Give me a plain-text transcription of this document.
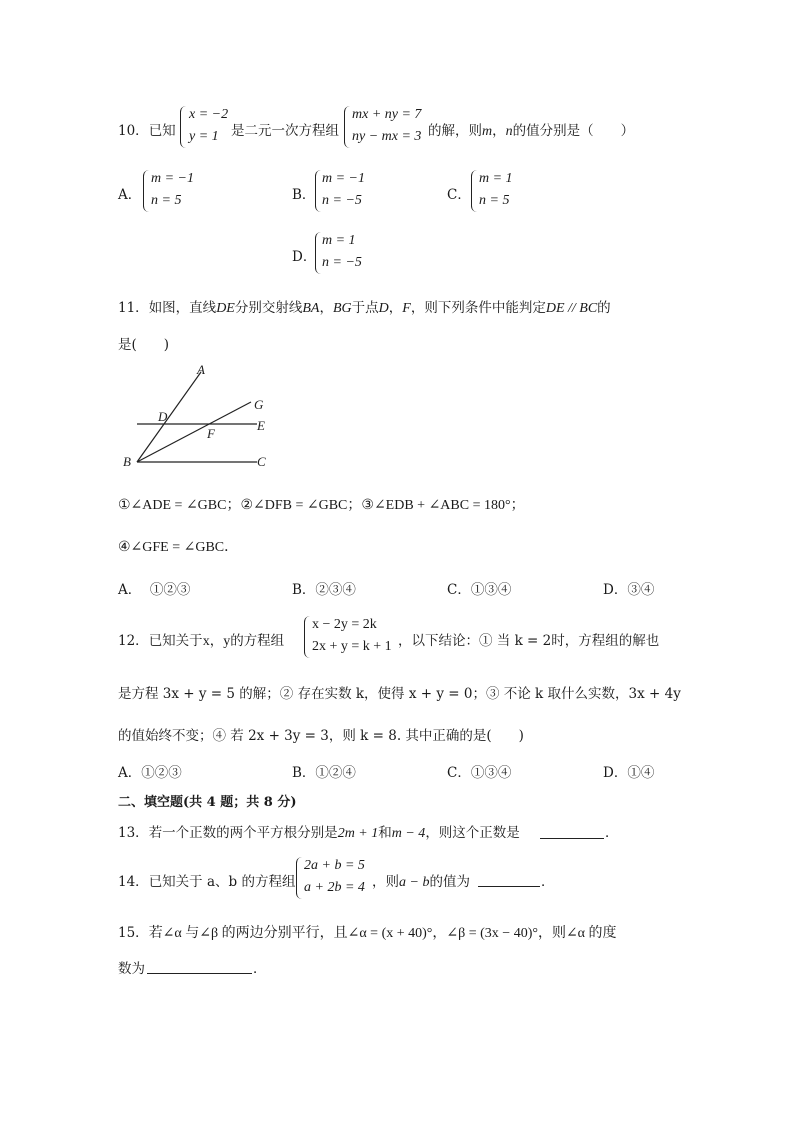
10．已知
x = −2
y = 1 是二元一次方程组
mx + ny = 7
ny − mx = 3 的解，则m，n的值分别是（　　）
A．
m = −1
n = 5	B．
m = −1
n = −5	C．
m = 1
n = 5
D．
m = 1
n = −5
11．如图，直线DE分别交射线BA，BG于点D，F，则下列条件中能判定DE // BC的
是(　　)
A
D
G
F
E
B	C
①∠ADE = ∠GBC；②∠DFB = ∠GBC；③∠EDB + ∠ABC = 180°；
④∠GFE = ∠GBC．
A． ①②③	B．②③④	C．①③④	D．③④
12．已知关于x，y的方程组
x − 2y = 2k
2x + y = k + 1 ，以下结论：① 当 k = 2时，方程组的解也
是方程 3x + y = 5 的解；② 存在实数 k，使得 x + y = 0；③ 不论 k 取什么实数，3x + 4y
的值始终不变；④ 若 2x + 3y = 3，则 k = 8. 其中正确的是(　　)
A．①②③	B．①②④	C．①③④	D．①④
二、填空题(共 4 题；共 8 分)
13．若一个正数的两个平方根分别是2m + 1和m − 4，则这个正数是	．
14．已知关于 a、b 的方程组
2a + b = 5
a + 2b = 4 ，则a − b的值为	．
15．若∠α 与∠β 的两边分别平行，且∠α = (x + 40)°，∠β = (3x − 40)°，则∠α 的度
数为	．
